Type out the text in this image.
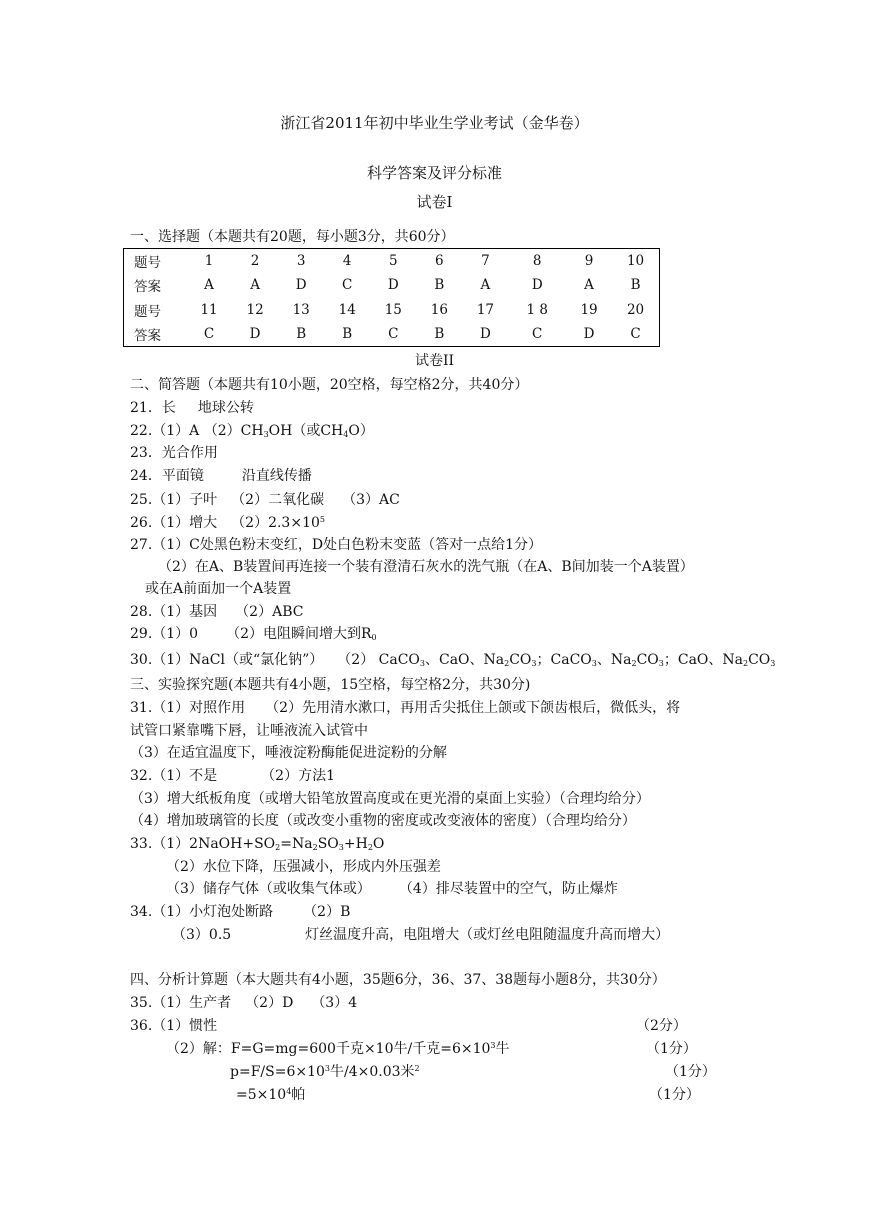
浙江省2011年初中毕业生学业考试（金华卷）
科学答案及评分标准
试卷Ⅰ
一、选择题（本题共有20题，每小题3分，共60分）
题号	1	2	3	4	5	6	7	8	9	10
答案	A	A	D	C	D	B	A	D	A	B
题号	11	12	13	14	15	16	17	1 8	19	20
答案	C	D	B	B	C	B	D	C	D	C
试卷II
二、简答题（本题共有10小题，20空格，每空格2分，共40分）
21．长 地球公转
22.（1）A $(2)CH_3OH$（或$CH_4O$）
23．光合作用
24．平面镜	沿直线传播
25.（1）子叶 （2）二氧化碳 （3）AC
26.（1）增大 $(2)2.3\times 10^5$
27.（1）C处黑色粉末变红，D处白色粉末变蓝（答对一点给1分）
（2）在A、B装置间再连接一个装有澄清石灰水的洗气瓶（在A、B间加装一个A装置）
或在A前面加一个A装置
28.（1）基因 （2）ABC
29.（1）0 （2）电阻瞬间增大到$R_0$
30.（1）NaCl（或“氯化钠”） （2） CaCO$_3$、CaO、$Na_2CO_3$；CaCO$_3$、$Na_2CO_3$；CaO、$Na_2CO_3$
三、实验探究题(本题共有4小题，15空格，每空格2分，共30分)
31.（1）对照作用 （2）先用清水漱口，再用舌尖抵住上颌或下颌齿根后，微低头，将
试管口紧靠嘴下唇，让唾液流入试管中
（3）在适宜温度下，唾液淀粉酶能促进淀粉的分解
32.（1）不是	（2）方法1
（3）增大纸板角度（或增大铅笔放置高度或在更光滑的桌面上实验）（合理均给分）
（4）增加玻璃管的长度（或改变小重物的密度或改变液体的密度）（合理均给分）
$33.(1)2NaOH+SO_2=Na_2SO_3+H_2O$
（2）水位下降，压强减小，形成内外压强差
（3）储存气体（或收集气体或） （4）排尽装置中的空气，防止爆炸
34.（1）小灯泡处断路 （2）B
（3）0.5	灯丝温度升高，电阻增大（或灯丝电阻随温度升高而增大）
四、分析计算题（本大题共有4小题，35题6分，36、37、38题每小题8分，共30分）
35.（1）生产者 （2）D （3）4
36.（1）惯性	（2分）
（2）解：F=G=mg=600千克×10牛/千克$=6\times 10^3$牛	（1分）
$p=F/S=6\times 10^3$牛/4×0.03米$^2$	（1分）
$=5\times 10^4$帕	（1分）
